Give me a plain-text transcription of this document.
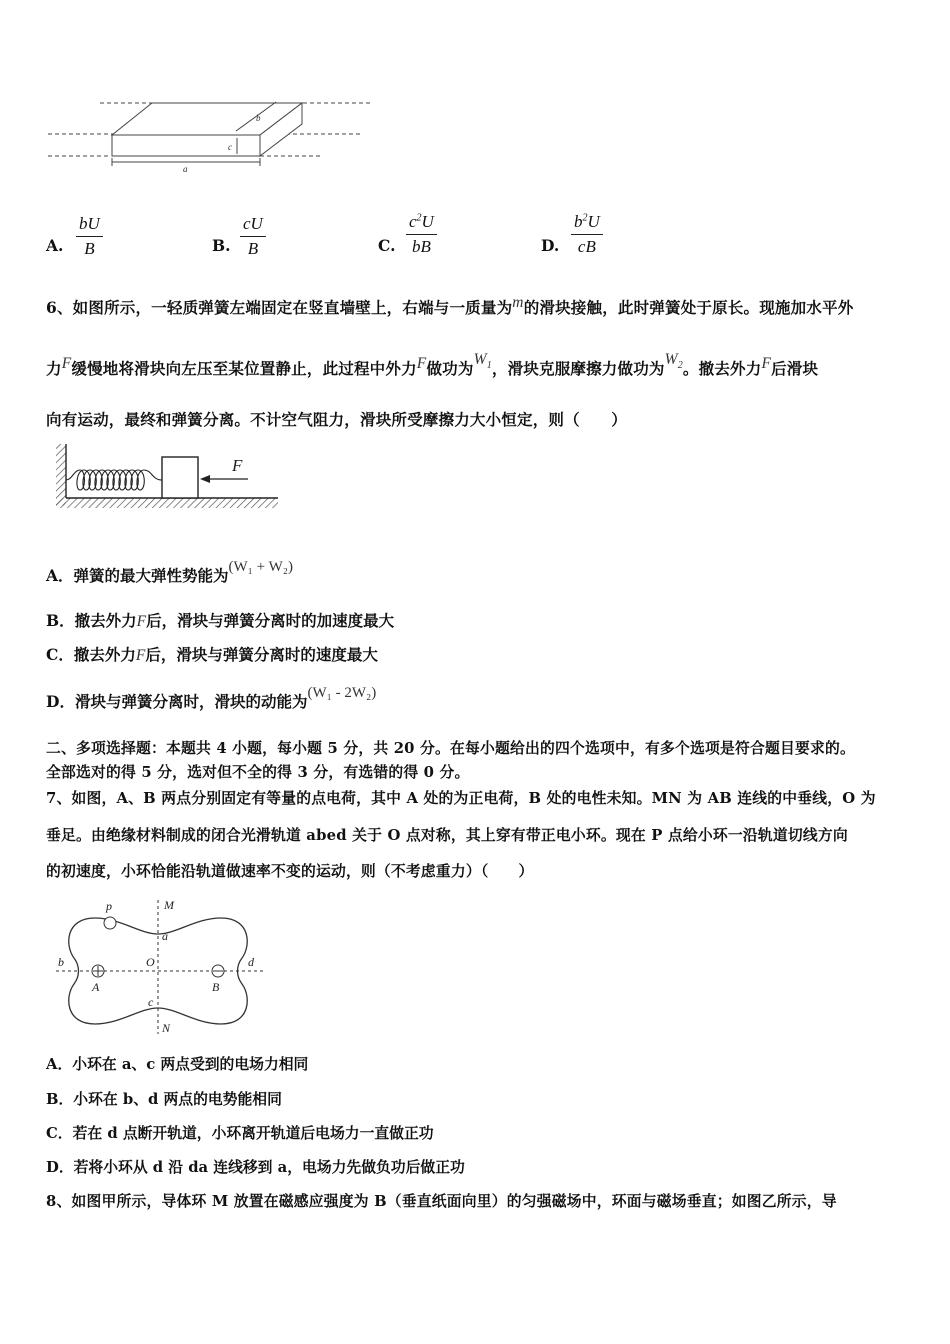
a
b
c
A. $\frac{bU}{B}$	B. $\frac{cU}{B}$	C. $\frac{c^2U}{bB}$	D. $\frac{b^2U}{cB}$
6、如图所示，一轻质弹簧左端固定在竖直墙壁上，右端与一质量为m的滑块接触，此时弹簧处于原长。现施加水平外
力F缓慢地将滑块向左压至某位置静止，此过程中外力F做功为$W_1$，滑块克服摩擦力做功为$W_2$。撤去外力F后滑块
向有运动，最终和弹簧分离。不计空气阻力，滑块所受摩擦力大小恒定，则（　　）
F
A．弹簧的最大弹性势能为(W₁ + W₂)
B．撤去外力F后，滑块与弹簧分离时的加速度最大
C．撤去外力F后，滑块与弹簧分离时的速度最大
D．滑块与弹簧分离时，滑块的动能为(W₁ - 2W₂)
二、多项选择题：本题共 4 小题，每小题 5 分，共 20 分。在每小题给出的四个选项中，有多个选项是符合题目要求的。
全部选对的得 5 分，选对但不全的得 3 分，有选错的得 0 分。
7、如图，A、B 两点分别固定有等量的点电荷，其中 A 处的为正电荷，B 处的电性未知。MN 为 AB 连线的中垂线，O 为
垂足。由绝缘材料制成的闭合光滑轨道 abed 关于 O 点对称，其上穿有带正电小环。现在 P 点给小环一沿轨道切线方向
的初速度，小环恰能沿轨道做速率不变的运动，则（不考虑重力）（　　）
p	M
a
b	O	d
A	B
c
N
A．小环在 a、c 两点受到的电场力相同
B．小环在 b、d 两点的电势能相同
C．若在 d 点断开轨道，小环离开轨道后电场力一直做正功
D．若将小环从 d 沿 da 连线移到 a，电场力先做负功后做正功
8、如图甲所示，导体环 M 放置在磁感应强度为 B（垂直纸面向里）的匀强磁场中，环面与磁场垂直；如图乙所示，导
